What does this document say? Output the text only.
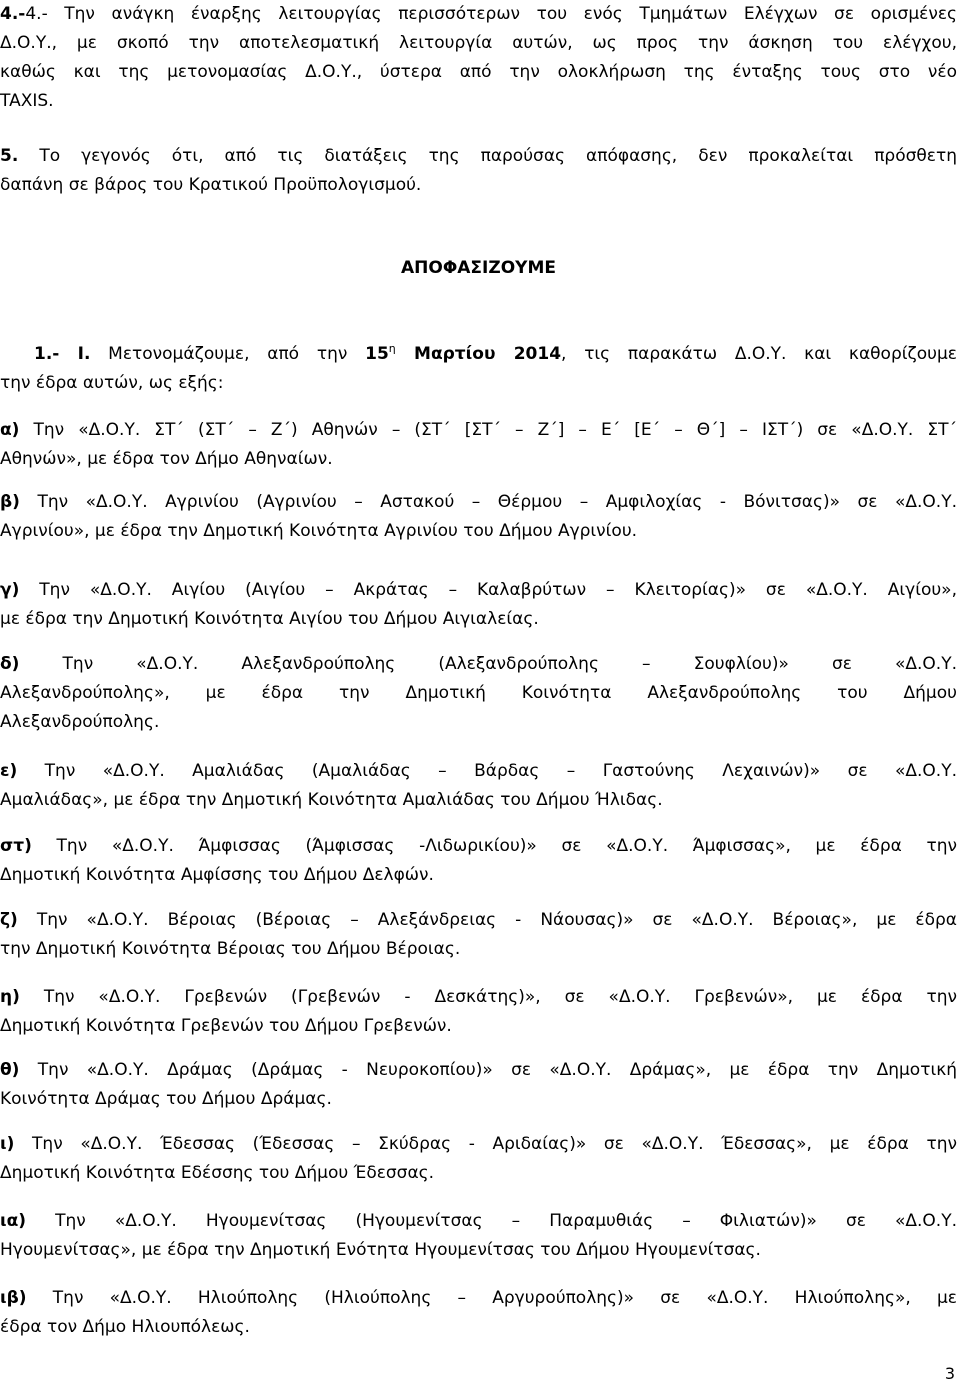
4.-4.- Την ανάγκη έναρξης λειτουργίας περισσότερων του ενός Τμημάτων Ελέγχων σε ορισμένες
Δ.Ο.Υ., με σκοπό την αποτελεσματική λειτουργία αυτών, ως προς την άσκηση του ελέγχου,
καθώς και της μετονομασίας Δ.Ο.Υ., ύστερα από την ολοκλήρωση της ένταξης τους στο νέο
TAXIS.
5. Το γεγονός ότι, από τις διατάξεις της παρούσας απόφασης, δεν προκαλείται πρόσθετη
δαπάνη σε βάρος του Κρατικού Προϋπολογισμού.
ΑΠΟΦΑΣΙΖΟΥΜΕ
1.- I. Μετονομάζουμε, από την $15^\eta$ Μαρτίου 2014, τις παρακάτω Δ.Ο.Υ. και καθορίζουμε
την έδρα αυτών, ως εξής:
α) Την «Δ.Ο.Υ. ΣΤ΄ (ΣΤ΄ – Ζ΄) Αθηνών – (ΣΤ΄ [ΣΤ΄ – Ζ΄] – Ε΄ [Ε΄ – Θ΄] – ΙΣΤ΄) σε «Δ.Ο.Υ. ΣΤ΄
Αθηνών», με έδρα τον Δήμο Αθηναίων.
β) Την «Δ.Ο.Υ. Αγρινίου (Αγρινίου – Αστακού – Θέρμου – Αμφιλοχίας - Βόνιτσας)» σε «Δ.Ο.Υ.
Αγρινίου», με έδρα την Δημοτική Κοινότητα Αγρινίου του Δήμου Αγρινίου.
γ) Την «Δ.Ο.Υ. Αιγίου (Αιγίου – Ακράτας – Καλαβρύτων – Κλειτορίας)» σε «Δ.Ο.Υ. Αιγίου»,
με έδρα την Δημοτική Κοινότητα Αιγίου του Δήμου Αιγιαλείας.
δ) Την «Δ.Ο.Υ. Αλεξανδρούπολης (Αλεξανδρούπολης – Σουφλίου)» σε «Δ.Ο.Υ.
Αλεξανδρούπολης», με έδρα την Δημοτική Κοινότητα Αλεξανδρούπολης του Δήμου
Αλεξανδρούπολης.
ε) Την «Δ.Ο.Υ. Αμαλιάδας (Αμαλιάδας – Βάρδας – Γαστούνης Λεχαινών)» σε «Δ.Ο.Υ.
Αμαλιάδας», με έδρα την Δημοτική Κοινότητα Αμαλιάδας του Δήμου Ήλιδας.
στ) Την «Δ.Ο.Υ. Άμφισσας (Άμφισσας -Λιδωρικίου)» σε «Δ.Ο.Υ. Άμφισσας», με έδρα την
Δημοτική Κοινότητα Αμφίσσης του Δήμου Δελφών.
ζ) Την «Δ.Ο.Υ. Βέροιας (Βέροιας – Αλεξάνδρειας - Νάουσας)» σε «Δ.Ο.Υ. Βέροιας», με έδρα
την Δημοτική Κοινότητα Βέροιας του Δήμου Βέροιας.
η) Την «Δ.Ο.Υ. Γρεβενών (Γρεβενών - Δεσκάτης)», σε «Δ.Ο.Υ. Γρεβενών», με έδρα την
Δημοτική Κοινότητα Γρεβενών του Δήμου Γρεβενών.
θ) Την «Δ.Ο.Υ. Δράμας (Δράμας - Νευροκοπίου)» σε «Δ.Ο.Υ. Δράμας», με έδρα την Δημοτική
Κοινότητα Δράμας του Δήμου Δράμας.
ι) Την «Δ.Ο.Υ. Έδεσσας (Έδεσσας – Σκύδρας - Αριδαίας)» σε «Δ.Ο.Υ. Έδεσσας», με έδρα την
Δημοτική Κοινότητα Εδέσσης του Δήμου Έδεσσας.
ια) Την «Δ.Ο.Υ. Ηγουμενίτσας (Ηγουμενίτσας – Παραμυθιάς – Φιλιατών)» σε «Δ.Ο.Υ.
Ηγουμενίτσας», με έδρα την Δημοτική Ενότητα Ηγουμενίτσας του Δήμου Ηγουμενίτσας.
ιβ) Την «Δ.Ο.Υ. Ηλιούπολης (Ηλιούπολης – Αργυρούπολης)» σε «Δ.Ο.Υ. Ηλιούπολης», με
έδρα τον Δήμο Ηλιουπόλεως.
3
